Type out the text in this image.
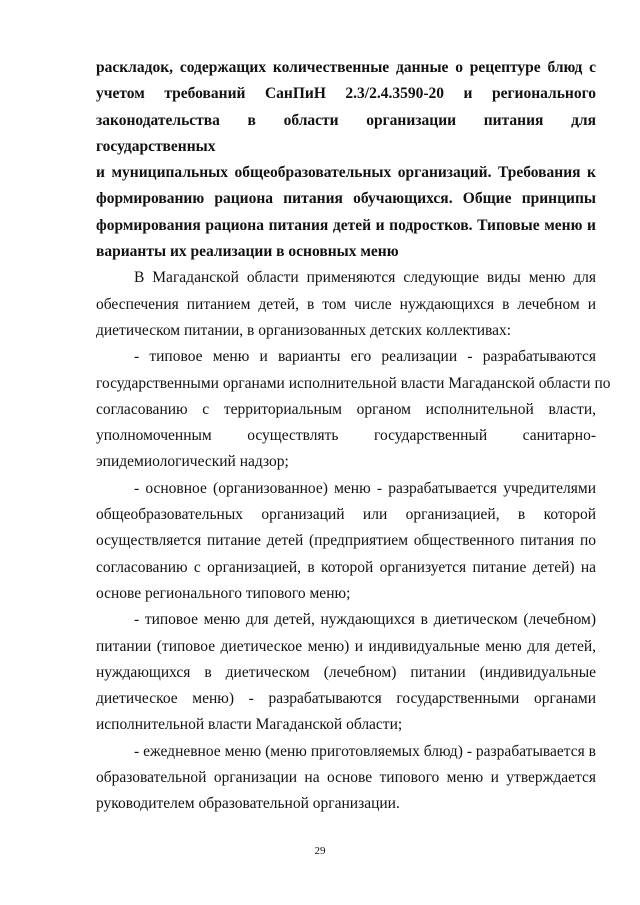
раскладок, содержащих количественные данные о рецептуре блюд с
учетом требований СанПиН 2.3/2.4.3590-20 и регионального
законодательства в области организации питания для государственных
и муниципальных общеобразовательных организаций. Требования к
формированию рациона питания обучающихся. Общие принципы
формирования рациона питания детей и подростков. Типовые меню и
варианты их реализации в основных меню

В Магаданской области применяются следующие виды меню для
обеспечения питанием детей, в том числе нуждающихся в лечебном и
диетическом питании, в организованных детских коллективах:

- типовое меню и варианты его реализации - разрабатываются
государственными органами исполнительной власти Магаданской области по
согласованию с территориальным органом исполнительной власти,
уполномоченным осуществлять государственный санитарно-
эпидемиологический надзор;

- основное (организованное) меню - разрабатывается учредителями
общеобразовательных организаций или организацией, в которой
осуществляется питание детей (предприятием общественного питания по
согласованию с организацией, в которой организуется питание детей) на
основе регионального типового меню;

- типовое меню для детей, нуждающихся в диетическом (лечебном)
питании (типовое диетическое меню) и индивидуальные меню для детей,
нуждающихся в диетическом (лечебном) питании (индивидуальные
диетическое меню) - разрабатываются государственными органами
исполнительной власти Магаданской области;

- ежедневное меню (меню приготовляемых блюд) - разрабатывается в
образовательной организации на основе типового меню и утверждается
руководителем образовательной организации.

29
